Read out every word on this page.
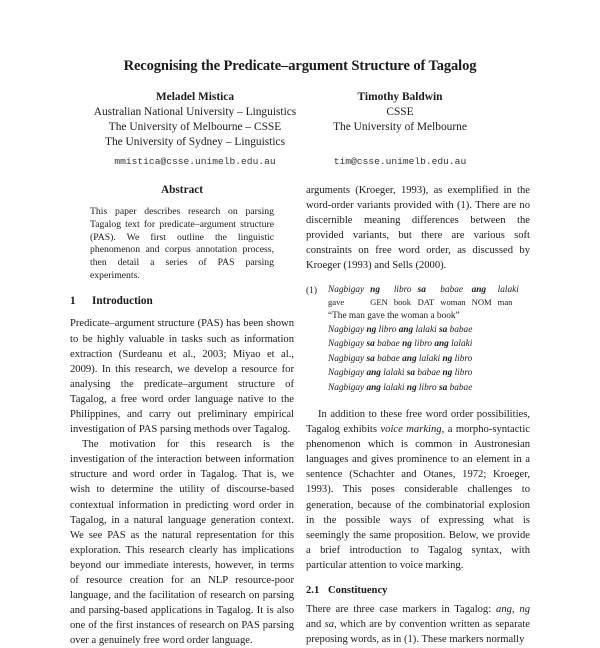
Recognising the Predicate–argument Structure of Tagalog
Meladel Mistica
Australian National University – Linguistics
The University of Melbourne – CSSE
The University of Sydney – Linguistics
mmistica@csse.unimelb.edu.au
Timothy Baldwin
CSSE
The University of Melbourne
tim@csse.unimelb.edu.au
Abstract

This paper describes research on parsing Tagalog text for predicate–argument structure (PAS). We first outline the linguistic phenomenon and corpus annotation process, then detail a series of PAS parsing experiments.

1 Introduction

Predicate–argument structure (PAS) has been shown to be highly valuable in tasks such as information extraction (Surdeanu et al., 2003; Miyao et al., 2009). In this research, we develop a resource for analysing the predicate–argument structure of Tagalog, a free word order language native to the Philippines, and carry out preliminary empirical investigation of PAS parsing methods over Tagalog.

The motivation for this research is the investigation of the interaction between information structure and word order in Tagalog. That is, we wish to determine the utility of discourse-based contextual information in predicting word order in Tagalog, in a natural language generation context. We see PAS as the natural representation for this exploration. This research clearly has implications beyond our immediate interests, however, in terms of resource creation for an NLP resource-poor language, and the facilitation of research on parsing and parsing-based applications in Tagalog. It is also one of the first instances of research on PAS parsing over a genuinely free word order language.

arguments (Kroeger, 1993), as exemplified in the word-order variants provided with (1). There are no discernible meaning differences between the provided variants, but there are various soft constraints on free word order, as discussed by Kroeger (1993) and Sells (2000).

(1) Nagbigay	ng	libro	sa	babae	ang	lalaki
gave	GEN	book	DAT	woman	NOM	man
“The man gave the woman a book”
Nagbigay ng libro ang lalaki sa babae
Nagbigay sa babae ng libro ang lalaki
Nagbigay sa babae ang lalaki ng libro
Nagbigay ang lalaki sa babae ng libro
Nagbigay ang lalaki ng libro sa babae

In addition to these free word order possibilities, Tagalog exhibits voice marking, a morpho-syntactic phenomenon which is common in Austronesian languages and gives prominence to an element in a sentence (Schachter and Otanes, 1972; Kroeger, 1993). This poses considerable challenges to generation, because of the combinatorial explosion in the possible ways of expressing what is seemingly the same proposition. Below, we provide a brief introduction to Tagalog syntax, with particular attention to voice marking.

2.1 Constituency

There are three case markers in Tagalog: ang, ng and sa, which are by convention written as separate preposing words, as in (1). These markers normally
